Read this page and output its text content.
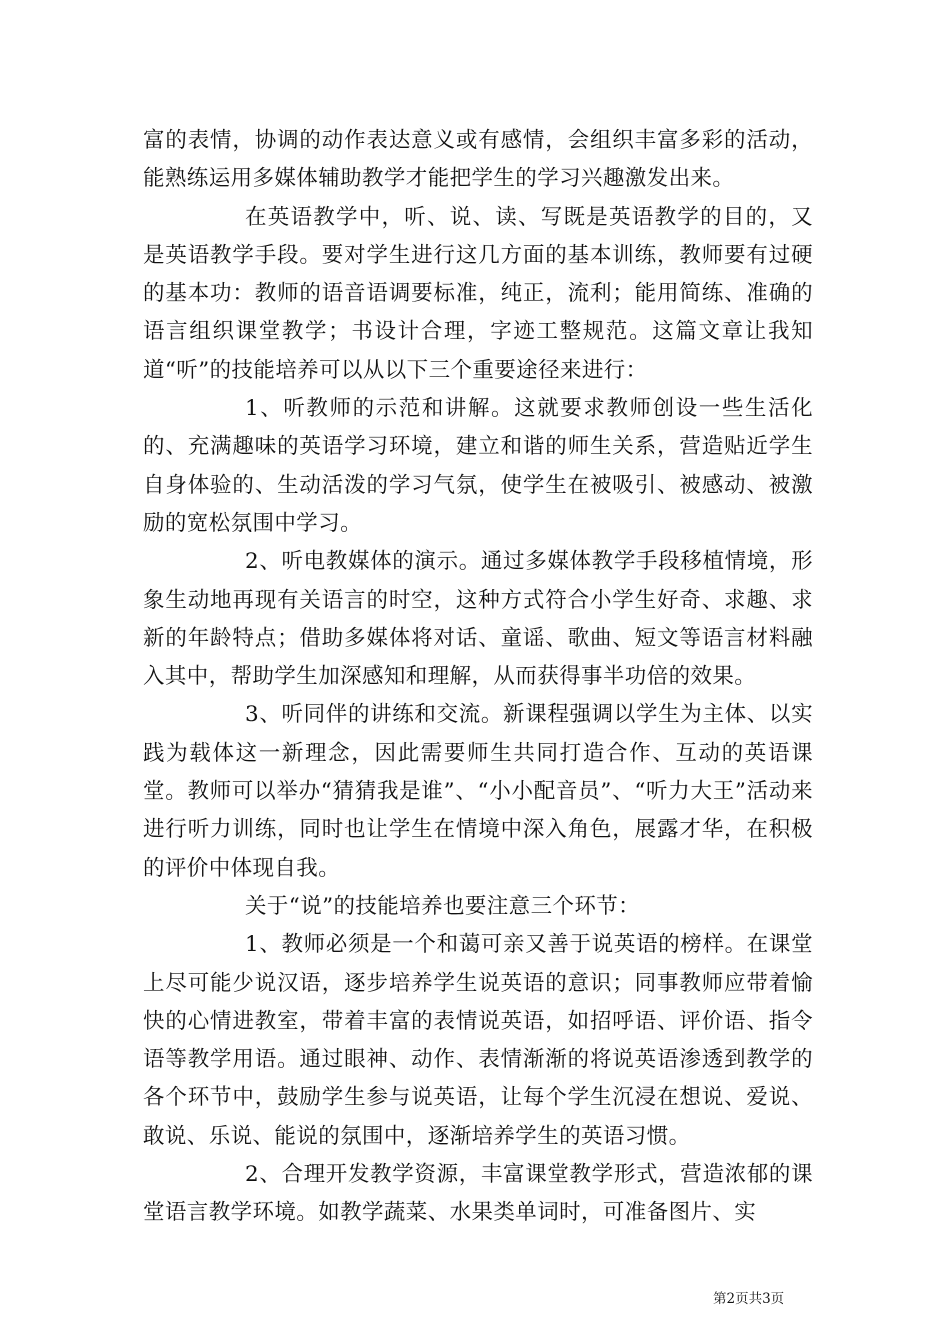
富的表情，协调的动作表达意义或有感情，会组织丰富多彩的活动，能熟练运用多媒体辅助教学才能把学生的学习兴趣激发出来。

在英语教学中，听、说、读、写既是英语教学的目的，又是英语教学手段。要对学生进行这几方面的基本训练，教师要有过硬的基本功：教师的语音语调要标准，纯正，流利；能用简练、准确的语言组织课堂教学；书设计合理，字迹工整规范。这篇文章让我知道“听”的技能培养可以从以下三个重要途径来进行：

1、听教师的示范和讲解。这就要求教师创设一些生活化的、充满趣味的英语学习环境，建立和谐的师生关系，营造贴近学生自身体验的、生动活泼的学习气氛，使学生在被吸引、被感动、被激励的宽松氛围中学习。

2、听电教媒体的演示。通过多媒体教学手段移植情境，形象生动地再现有关语言的时空，这种方式符合小学生好奇、求趣、求新的年龄特点；借助多媒体将对话、童谣、歌曲、短文等语言材料融入其中，帮助学生加深感知和理解，从而获得事半功倍的效果。

3、听同伴的讲练和交流。新课程强调以学生为主体、以实践为载体这一新理念，因此需要师生共同打造合作、互动的英语课堂。教师可以举办“猜猜我是谁”、“小小配音员”、“听力大王”活动来进行听力训练，同时也让学生在情境中深入角色，展露才华，在积极的评价中体现自我。

关于“说”的技能培养也要注意三个环节：

1、教师必须是一个和蔼可亲又善于说英语的榜样。在课堂上尽可能少说汉语，逐步培养学生说英语的意识；同事教师应带着愉快的心情进教室，带着丰富的表情说英语，如招呼语、评价语、指令语等教学用语。通过眼神、动作、表情渐渐的将说英语渗透到教学的各个环节中，鼓励学生参与说英语，让每个学生沉浸在想说、爱说、敢说、乐说、能说的氛围中，逐渐培养学生的英语习惯。

2、合理开发教学资源，丰富课堂教学形式，营造浓郁的课堂语言教学环境。如教学蔬菜、水果类单词时，可准备图片、实

第2页共3页
